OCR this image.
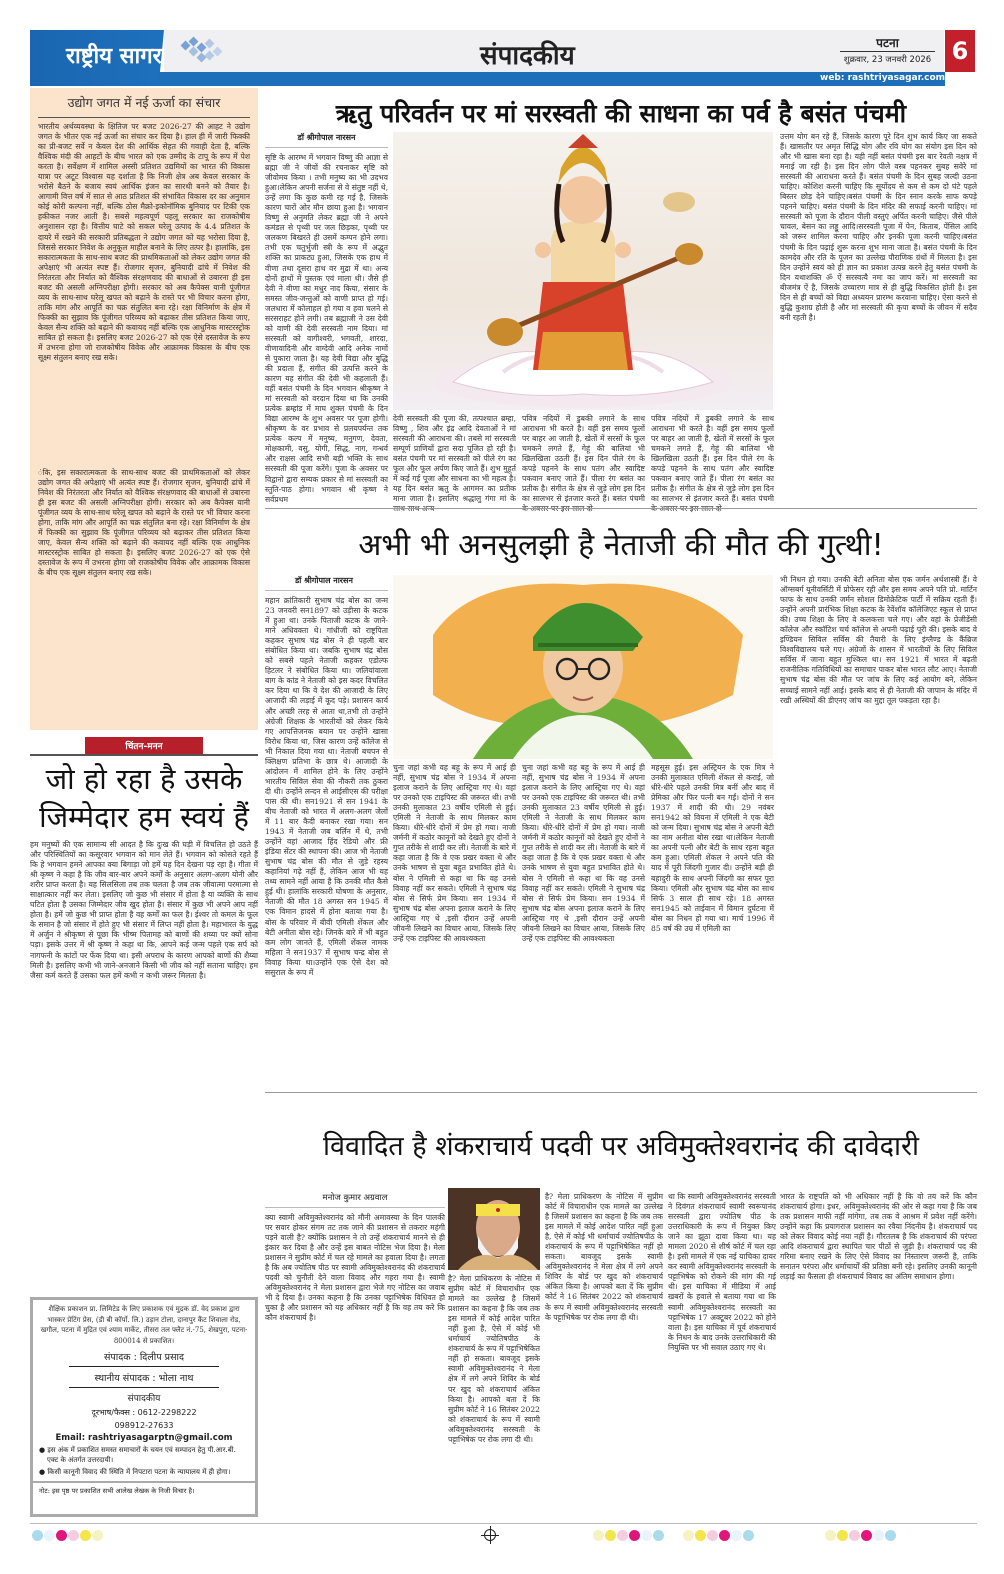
राष्ट्रीय सागर	संपादकीय	पटना
शुक्रवार, 23 जनवरी 2026
web: rashtriyasagar.com
6
उद्योग जगत में नई ऊर्जा का संचार
भारतीय अर्थव्यवस्था के क्षितिज पर बजट 2026-27 की आहट ने उद्योग जगत के भीतर एक नई ऊर्जा का संचार कर दिया है। हाल ही में जारी फिक्की का प्री-बजट सर्वे न केवल देश की आर्थिक सेहत की गवाही देता है, बल्कि वैश्विक मंदी की आहटों के बीच भारत को एक उम्मीद के टापू के रूप में पेश करता है। सर्वेक्षण में शामिल अस्सी प्रतिशत उद्यमियों का भारत की विकास यात्रा पर अटूट विश्वास यह दर्शाता है कि निजी क्षेत्र अब केवल सरकार के भरोसे बैठने के बजाय स्वयं आर्थिक इंजन का सारथी बनने को तैयार है। आगामी वित्त वर्ष में सात से आठ प्रतिशत की संभावित विकास दर का अनुमान कोई कोरी कल्पना नहीं, बल्कि ठोस मैक्रो-इकोनॉमिक बुनियाद पर टिकी एक हकीकत नजर आती है। सबसे महत्वपूर्ण पहलू सरकार का राजकोषीय अनुशासन रहा है। वित्तीय घाटे को सकल घरेलू उत्पाद के 4.4 प्रतिशत के दायरे में रखने की सरकारी प्रतिबद्धता ने उद्योग जगत को यह भरोसा दिया है, जिससे सरकार निवेश के अनुकूल माहौल बनाने के लिए तत्पर है। हालांकि, इस सकारात्मकता के साथ-साथ बजट की प्राथमिकताओं को लेकर उद्योग जगत की अपेक्षाएं भी अत्यंत स्पष्ट हैं। रोजगार सृजन, बुनियादी ढांचे में निवेश की निरंतरता और निर्यात को वैश्विक संरक्षणवाद की बाधाओं से उबारना ही इस बजट की असली अग्निपरीक्षा होगी। सरकार को अब कैपेक्स यानी पूंजीगत व्यय के साथ-साथ घरेलू खपत को बढ़ाने के रास्ते पर भी विचार करना होगा, ताकि मांग और आपूर्ति का चक्र संतुलित बना रहे। रक्षा विनिर्माण के क्षेत्र में फिक्की का सुझाव कि पूंजीगत परिव्यय को बढ़ाकर तीस प्रतिशत किया जाए, केवल सैन्य शक्ति को बढ़ाने की कवायद नहीं बल्कि एक आधुनिक मास्टरस्ट्रोक साबित हो सकता है। इसलिए बजट 2026-27 को एक ऐसे दस्तावेज के रूप में उभरना होगा जो राजकोषीय विवेक और आक्रामक विकास के बीच एक सूक्ष्म संतुलन बनाए रख सके।
ंकि, इस सकारात्मकता के साथ-साथ बजट की प्राथमिकताओं को लेकर उद्योग जगत की अपेक्षाएं भी अत्यंत स्पष्ट हैं। रोजगार सृजन, बुनियादी ढांचे में निवेश की निरंतरता और निर्यात को वैश्विक संरक्षणवाद की बाधाओं से उबारना ही इस बजट की असली अग्निपरीक्षा होगी। सरकार को अब कैपेक्स यानी पूंजीगत व्यय के साथ-साथ घरेलू खपत को बढ़ाने के रास्ते पर भी विचार करना होगा, ताकि मांग और आपूर्ति का चक्र संतुलित बना रहे। रक्षा विनिर्माण के क्षेत्र में फिक्की का सुझाव कि पूंजीगत परिव्यय को बढ़ाकर तीस प्रतिशत किया जाए, केवल सैन्य शक्ति को बढ़ाने की कवायद नहीं बल्कि एक आधुनिक मास्टरस्ट्रोक साबित हो सकता है। इसलिए बजट 2026-27 को एक ऐसे दस्तावेज के रूप में उभरना होगा जो राजकोषीय विवेक और आक्रामक विकास के बीच एक सूक्ष्म संतुलन बनाए रख सके।
चिंतन-मनन
जो हो रहा है उसके
जिम्मेदार हम स्वयं हैं
हम मनुष्यों की एक सामान्य सी आदत है कि दुःख की घड़ी में विचलित हो उठते हैं और परिस्थितियों का कसूरवार भगवान को मान लेते हैं। भगवान को कोसते रहते हैं कि हे भगवान हमने आपका क्या बिगाड़ा जो हमें यह दिन देखना पड़ रहा है। गीता में श्री कृष्ण ने कहा है कि जीव बार-बार अपने कर्मों के अनुसार अलग-अलग योनी और शरीर प्राप्त करता है। यह सिलसिला तब तक चलता है जब तक जीवात्मा परमात्मा से साक्षात्कार नहीं कर लेता। इसलिए जो कुछ भी संसार में होता है या व्यक्ति के साथ घटित होता है उसका जिम्मेदार जीव खुद होता है। संसार में कुछ भी अपने आप नहीं होता है। हमें जो कुछ भी प्राप्त होता है वह कर्मों का फल है। ईश्वर तो कमल के फूल के समान है जो संसार में होते हुए भी संसार में लिप्त नहीं होता है। महाभारत के युद्ध में अर्जुन ने श्रीकृष्ण से पूछा कि भीष्म पितामह को बाणों की शय्या पर क्यों सोना पड़ा। इसके उत्तर में श्री कृष्ण ने कहा था कि, आपने कई जन्म पहले एक सर्प को नागफनी के कांटों पर फेंक दिया था। इसी अपराध के कारण आपको बाणों की शैय्या मिली है। इसलिए कभी भी जाने-अनजाने किसी भी जीव को नहीं सताना चाहिए। हम जैसा कर्म करते हैं उसका फल हमें कभी न कभी जरूर मिलता है।
शैक्षिक प्रकाशन प्रा. लिमिटेड के लिए प्रकाशक एवं मुद्रक डॉ. वेद प्रकाश द्वारा भास्कर प्रेटिंग प्रेस, (डी बी कॉर्पो. लि.) उड़ान टोला, दानापुर कैंट शिवाला रोड, खगौल, पटना में मुद्रित एवं श्याम मार्केट, तीसरा तल फ्लैट नं.-75, शेखपुरा, पटना- 800014 से प्रकाशित।
संपादक : दिलीप प्रसाद
स्थानीय संपादक : भोला नाथ
संपादकीय
दूरभाष/फैक्स : 0612-2298222
098912-27633
Email: rashtriyasagarptn@gmail.com
● इस अंक में प्रकाशित समस्त समाचारों के चयन एवं सम्पादन हेतु पी.आर.बी. एक्ट के अंतर्गत उत्तरदायी।
● किसी कानूनी विवाद की स्थिति में निपटारा पटना के न्यायालय में ही होगा।
नोट: इस पृष्ठ पर प्रकाशित सभी आलेख लेखक के निजी विचार है।
ऋतु परिवर्तन पर मां सरस्वती की साधना का पर्व है बसंत पंचमी
डॉ श्रीगोपाल नारसन
सृष्टि के आरम्भ में भगवान विष्णु की आज्ञा से ब्रह्मा जी ने जीवों की रचनाकर सृष्टि को जीवोमय किया । तभी मनुष्य का भी उदभव हुआ।लेकिन अपनी सर्जना से वे संतुष्ट नहीं थे, उन्हें लगा कि कुछ कमी रह गई है, जिसके कारण चारों ओर मौन छाया हुआ है। भगवान विष्णु से अनुमति लेकर ब्रह्मा जी ने अपने कमंडल से पृथ्वी पर जल छिड़का, पृथ्वी पर जलकण बिखरते ही उसमें कम्पन होने लगा। तभी एक चतुर्भुजी स्त्री के रूप में अद्भुत शक्ति का प्राकट्य हुआ, जिसके एक हाथ में वीणा तथा दूसरा हाथ वर मुद्रा में था। अन्य दोनों हाथों में पुस्तक एवं माला थी। जैसे ही देवी ने वीणा का मधुर नाद किया, संसार के समस्त जीव-जन्तुओं को वाणी प्राप्त हो गई। जलधारा में कोलाहल हो गया व हवा चलने से सरसराहट होने लगी। तब ब्रह्माजी ने उस देवी को वाणी की देवी सरस्वती नाम दिया। मां सरस्वती को वागीश्वरी, भगवती, शारदा, वीणावादिनी और वाग्देवी आदि अनेक नामों से पुकारा जाता है। यह देवी विद्या और बुद्धि की प्रदाता हैं, संगीत की उत्पत्ति करने के कारण यह संगीत की देवी भी कहलाती हैं।वहीं बसंत पंचमी के दिन भगवान श्रीकृष्ण ने मां सरस्वती को वरदान दिया था कि उनकी प्रत्येक ब्रम्हांड में माघ शुक्ल पंचमी के दिन विद्या आरम्भ के शुभ अवसर पर पूजा होगी। श्रीकृष्ण के वर प्रभाव से प्रलयपर्यन्त तक प्रत्येक कल्प में मनुष्य, मनुगण, देवता, मोक्षकामी, वसु, योगी, सिद्ध, नाग, गन्धर्व और राक्षस आदि सभी बड़ी भक्ति के साथ सरस्वती की पूजा करेंगे। पूजा के अवसर पर विद्वानो द्वारा सम्यक प्रकार से मां सरस्वती का स्तुति-पाठ होगा। भगवान श्री कृष्ण ने सर्वप्रथम
देवी सरस्वती की पूजा की, तत्पश्चात ब्रम्हा, विष्णु , शिव और इंद्र आदि देवताओं ने मां सरस्वती की आराधना की। तबसे मां सरस्वती सम्पूर्ण प्राणियों द्वारा सदा पूजित हो रही है। बसंत पंचमी पर मां सरस्वती को पीले रंग का फूल और फूल अर्पण किए जाते हैं। शुभ मुहूर्त में कई गई पूजा और साधना का भी महत्व है। यह दिन बसंत ऋतु के आगमन का प्रतीक माना जाता है। इसलिए श्रद्धालु गंगा मां के
पवित्र नदियों में डुबकी लगाने के साथ आराधना भी करते है। वहीं इस समय फूलों पर बाहर आ जाती है, खेतों में सरसों के फूल चमकने लगते हैं, गेहूं की बालियां भी खिलखिला उठती हैं। इस दिन पीले रंग के कपड़े पहनने के साथ पतंग और स्वादिष्ट पकवान बनाए जाते हैं। पीला रंग बसंत का प्रतीक है। संगीत के क्षेत्र से जुड़े लोग इस दिन का सालभर से इंतजार करते हैं। बसंत पंचमी
पवित्र नदियों में डुबकी लगाने के साथ आराधना भी करते है। वहीं इस समय फूलों पर बाहर आ जाती है, खेतों में सरसों के फूल चमकने लगते हैं, गेहूं की बालियां भी खिलखिला उठती हैं। इस दिन पीले रंग के कपड़े पहनने के साथ पतंग और स्वादिष्ट पकवान बनाए जाते हैं। पीला रंग बसंत का प्रतीक है। संगीत के क्षेत्र से जुड़े लोग इस दिन का सालभर से इंतजार करते हैं। बसंत पंचमी
उत्तम योग बन रहे हैं, जिसके कारण पूरे दिन शुभ कार्य किए जा सकते हैं। खासतौर पर अमृत सिद्धि योग और रवि योग का संयोग इस दिन को और भी खास बना रहा है। यही नहीं बसंत पंचमी इस बार रेवती नक्षत्र में मनाई जा रही है। इस दिन लोग पीले वस्त्र पहनकर सुबह सवेरे मां सरस्वती की आराधना करते हैं। बसंत पंचमी के दिन सुबह जल्दी उठना चाहिए। कोशिश करनी चाहिए कि सूर्योदय से कम से कम दो घंटे पहले बिस्तर छोड़ देने चाहिए।बसंत पंचमी के दिन स्नान करके साफ कपड़े पहनने चाहिए। बसंत पंचमी के दिन मंदिर की सफाई करनी चाहिए। मां सरस्वती को पूजा के दौरान पीली वस्तुएं अर्पित करनी चाहिए। जैसे पीले चावल, बेसन का लड्डू आदि।सरस्वती पूजा में पेन, किताब, पेंसिल आदि को जरूर शामिल करना चाहिए और इनकी पूजा करनी चाहिए।बसंत पंचमी के दिन पढ़ाई शुरू करना शुभ माना जाता है। बसंत पंचमी के दिन कामदेव और रति के पूजन का उल्लेख पौराणिक ग्रंथों में मिलता है। इस दिन उन्होंने स्वयं को ही ज्ञान का प्रकाश उत्पन्न करने हेतु बसंत पंचमी के दिन यथाशक्ति ॐ ऐं सरस्वत्यै नमः का जाप करें। मां सरस्वती का बीजमंत्र ऐं है, जिसके उच्चारण मात्र से ही बुद्धि विकसित होती है। इस दिन से ही बच्चों को विद्या अध्ययन प्रारम्भ करवाना चाहिए। ऐसा करने से बुद्धि कुशाग्र होती है और मां सरस्वती की कृपा बच्चों के जीवन में सदैव बनी रहती है।
अभी भी अनसुलझी है नेताजी की मौत की गुत्थी!
डॉ श्रीगोपाल नारसन
महान क्रांतिकारी सुभाष चंद्र बोस का जन्म 23 जनवरी सन1897 को उड़ीसा के कटक में हुआ था। उनके पिताजी कटक के जाने-माने अधिवक्ता थे। गांधीजी को राष्ट्रपिता कहकर सुभाष चंद्र बोस ने ही पहली बार संबोधित किया था। जबकि सुभाष चंद्र बोस को सबसे पहले नेताजी कहकर एडोल्फ हिटलर ने संबोधित किया था। जलियांवाला बाग के कांड ने नेताजी को इस कदर विचलित कर दिया था कि वे देश की आजादी के लिए आजादी की लड़ाई में कूद पड़े। प्रशासन कार्य और अच्छी तरह से आता था,तभी तो उन्होंने अंग्रेजी शिक्षक के भारतीयों को लेकर किये गए आपत्तिजनक बयान पर उन्होंने खासा विरोध किया था, जिस कारण उन्हें कॉलेज से भी निकाल दिया गया था। नेताजी बचपन से क्लिक्षण प्रतिभा के छात्र थे। आजादी के आंदोलन में शामिल होने के लिए उन्होंने भारतीय सिविल सेवा की नौकरी तक ठुकरा दी थी। उन्होंने लन्दन से आईसीएस की परीक्षा पास की थी। सन1921 से सन 1941 के बीच नेताजी को भारत में अलग-अलग जेलों में 11 बार कैदी बनाकर रखा गया। सन 1943 में नेताजी जब बर्लिन में थे, तभी उन्होंने वहां आजाद हिंद रेडियो और फ्री इंडिया सेंटर की स्थापना की। आज भी नेताजी सुभाष चंद्र बोस की मौत से जुड़े रहस्य कहानियां गढ़े नहीं हैं, लेकिन आज भी यह तथ्य सामने नहीं आया है कि उनकी मौत कैसे हुई थी। हालांकि सरकारी घोषणा के अनुसार, नेताजी की मौत 18 अगस्त सन 1945 में एक विमान हादसे में होना बताया गया है। बोस के परिवार में बीवी एमिली शेंकल और बेटी अनीता बोस रहे। जिनके बारे में भी बहुत कम लोग जानते हैं, एमिली शेंकल नामक महिला ने सन1937 में सुभाष चन्द्र बोस से विवाह किया था।उन्होंने एक ऐसे देश को ससुराल के रूप में
चुना जहां कभी वह बहू के रूप में आई ही नहीं, सुभाष चंद्र बोस ने 1934 में अपना इलाज कराने के लिए आस्ट्रिया गए थे। वहां पर उनको एक टाइपिस्ट की जरूरत थी। तभी उनकी मुलाकात 23 वर्षीय एमिली से हुई। एमिली ने नेताजी के साथ मिलकर काम किया। धीरे-धीरे दोनों में प्रेम हो गया। नाजी जर्मनी में कठोर कानूनों को देखते हुए दोनों ने गुप्त तरीके से शादी कर ली। नेताजी के बारे में कहा जाता है कि वे एक प्रखर वक्ता थे और उनके भाषण से युवा बहुत प्रभावित होते थे। बोस ने एमिली से कहा था कि वह उनसे विवाह नहीं कर सकते। एमिली ने सुभाष चंद्र बोस से सिर्फ प्रेम किया। सन 1934 में सुभाष चंद्र बोस अपना इलाज कराने के लिए आस्ट्रिया गए थे ,इसी दौरान उन्हें अपनी जीवनी लिखने का विचार आया, जिसके लिए उन्हें एक टाइपिस्ट की आवश्यकता
चुना जहां कभी वह बहू के रूप में आई ही नहीं, सुभाष चंद्र बोस ने 1934 में अपना इलाज कराने के लिए आस्ट्रिया गए थे। वहां पर उनको एक टाइपिस्ट की जरूरत थी। तभी उनकी मुलाकात 23 वर्षीय एमिली से हुई। एमिली ने नेताजी के साथ मिलकर काम किया। धीरे-धीरे दोनों में प्रेम हो गया। नाजी जर्मनी में कठोर कानूनों को देखते हुए दोनों ने गुप्त तरीके से शादी कर ली। नेताजी के बारे में कहा जाता है कि वे एक प्रखर वक्ता थे और उनके भाषण से युवा बहुत प्रभावित होते थे। बोस ने एमिली से कहा था कि वह उनसे विवाह नहीं कर सकते। एमिली ने सुभाष चंद्र बोस से सिर्फ प्रेम किया। सन 1934 में सुभाष चंद्र बोस अपना इलाज कराने के लिए आस्ट्रिया गए थे ,इसी दौरान उन्हें अपनी जीवनी लिखने का विचार आया, जिसके लिए उन्हें एक टाइपिस्ट की आवश्यकता
महसूस हुई। इस अस्ट्रियन के एक मित्र ने उनकी मुलाकात एमिली शेंकल से कराई, जो धीरे-धीरे पहले उनकी मित्र बनीं और बाद में प्रेमिका और फिर पत्नी बन गईं। दोनों ने सन 1937 में शादी की थी। 29 नवंबर सन1942 को वियना में एमिली ने एक बेटी को जन्म दिया। सुभाष चंद्र बोस ने अपनी बेटी का नाम अनीता बोस रखा था।लेकिन नेताजी का अपनी पत्नी और बेटी के साथ रहना बहुत कम हुआ। एमिली शेंकल ने अपने पति की याद में पूरी जिंदगी गुजार दी। उन्होंने बड़ी ही बहादुरी के साथ अपनी जिंदगी का सफर पूरा किया। एमिली और सुभाष चंद्र बोस का साथ सिर्फ 3 साल ही साथ रहे। 18 अगस्त सन1945 को ताईवान में विमान दुर्घटना में बोस का निधन हो गया था। मार्च 1996 में 85 वर्ष की उम्र में एमिली का
भी निधन हो गया। उनकी बेटी अनिता बोस एक जर्मन अर्थशास्त्री हैं। वे ऑग्सबर्ग यूनीवर्सिटी में प्रोफेसर रही और इस समय अपने पति प्रो. मार्टिन फाफ के साथ उनकी जर्मन सोशल डिमोक्रेटिक पार्टी में सक्रिय रहती हैं। उन्होंने अपनी प्रारंभिक शिक्षा कटक के रेवेंशॉव कॉलेजिएट स्कूल से प्राप्त की। उच्च शिक्षा के लिए वे कलकत्ता चले गए। और वहां के प्रेजीडेंसी कॉलेज और स्कॉटिश चर्च कॉलेज से अपनी पढ़ाई पूरी की। इसके बाद वे इण्डियन सिविल सर्विस की तैयारी के लिए इंग्लैण्ड के कैंब्रिज विश्वविद्यालय चले गए। अंग्रेजों के शासन में भारतीयों के लिए सिविल सर्विस में जाना बहुत मुश्किल था। सन 1921 में भारत में बढ़ती राजनीतिक गतिविधियों का समाचार पाकर बोस भारत लौट आए। नेताजी सुभाष चंद्र बोस की मौत पर जांच के लिए कई आयोग बने, लेकिन सच्चाई सामने नहीं आई। इसके बाद से ही नेताजी की जापान के मंदिर में रखी अस्थियों की डीएनए जांच का मुद्दा तूल पकड़ता रहा है।
विवादित है शंकराचार्य पदवी पर अविमुक्तेश्वरानंद की दावेदारी
मनोज कुमार अग्रवाल
क्या स्वामी अविमुक्तेश्वरानंद को मौनी अमावस्या के दिन पालकी पर सवार होकर संगम तट तक जाने की प्रशासन से तकरार महंगी पड़ने वाली है? क्योंकि प्रशासन ने तो उन्हें शंकराचार्य मानने से ही इंकार कर दिया है और उन्हें इस बाबत नोटिस भेज दिया है। मेला प्रशासन ने सुप्रीम कोर्ट में चल रहे मामले का हवाला दिया है। लगता है कि अब ज्योतिष पीठ पर स्वामी अविमुक्तेश्वरानंद की शंकराचार्य पदवी को चुनौती देने वाला विवाद और गहरा गया है। स्वामी अविमुक्तेश्वरानंद ने मेला प्रशासन द्वारा भेजे गए नोटिस का जवाब भी दे दिया है। उनका कहना है कि उनका पट्टाभिषेक विधिवत हो चुका है और प्रशासन को यह अधिकार नहीं है कि वह तय करे कि कौन शंकराचार्य है।
है? मेला प्राधिकरण के नोटिस में सुप्रीम कोर्ट में विचाराधीन एक मामले का उल्लेख है जिसमें प्रशासन का कहना है कि जब तक इस मामले में कोई आदेश पारित नहीं हुआ है, ऐसे में कोई भी धर्माचार्य ज्योतिषपीठ के शंकराचार्य के रूप में पट्टाभिषेकित नहीं हो सकता। बावजूद इसके स्वामी अविमुक्तेश्वरानंद ने मेला क्षेत्र में लगे अपने शिविर के बोर्ड पर खुद को शंकराचार्य अंकित किया है। आपको बता दें कि सुप्रीम कोर्ट ने 16 सितंबर 2022 को शंकराचार्य के रूप में स्वामी अविमुक्तेश्वरानंद सरस्वती के पट्टाभिषेक पर रोक लगा दी थी।
है? मेला प्राधिकरण के नोटिस में सुप्रीम कोर्ट में विचाराधीन एक मामले का उल्लेख है जिसमें प्रशासन का कहना है कि जब तक इस मामले में कोई आदेश पारित नहीं हुआ है, ऐसे में कोई भी धर्माचार्य ज्योतिषपीठ के शंकराचार्य के रूप में पट्टाभिषेकित नहीं हो सकता। बावजूद इसके स्वामी अविमुक्तेश्वरानंद ने मेला क्षेत्र में लगे अपने शिविर के बोर्ड पर खुद को शंकराचार्य अंकित किया है। आपको बता दें कि सुप्रीम कोर्ट ने 16 सितंबर 2022 को शंकराचार्य के रूप में स्वामी अविमुक्तेश्वरानंद सरस्वती के पट्टाभिषेक पर रोक लगा दी थी।
था कि स्वामी अविमुक्तेश्वरानंद सरस्वती ने दिवंगत शंकराचार्य स्वामी स्वरूपानंद सरस्वती द्वारा ज्योतिष पीठ के उत्तराधिकारी के रूप में नियुक्त किए जाने का झूठा दावा किया था। यह मामला 2020 से शीर्ष कोर्ट में चल रहा है। इसी मामले में एक नई याचिका दायर कर स्वामी अविमुक्तेश्वरानंद सरस्वती के पट्टाभिषेक को रोकने की मांग की गई थी। इस याचिका में मीडिया में आई खबरों के हवाले से बताया गया था कि स्वामी अविमुक्तेश्वरानंद सरस्वती का पट्टाभिषेक 17 अक्टूबर 2022 को होने वाला है। इस याचिका में पूर्व शंकराचार्य के निधन के बाद उनके उत्तराधिकारी की नियुक्ति पर भी सवाल उठाए गए थे।
भारत के राष्ट्रपति को भी अधिकार नहीं है कि वो तय करें कि कौन शंकराचार्य होगा। इधर, अविमुक्तेश्वरानंद की ओर से कहा गया है कि जब तक प्रशासन माफी नहीं मांगेगा, तब तक वे आश्रम में प्रवेश नहीं करेंगे। उन्होंने कहा कि प्रयागराज प्रशासन का रवैया निंदनीय है। शंकराचार्य पद को लेकर विवाद कोई नया नहीं है। गौरतलब है कि शंकराचार्य की परंपरा आदि शंकराचार्य द्वारा स्थापित चार पीठों से जुड़ी है। शंकराचार्य पद की गरिमा बनाए रखने के लिए ऐसे विवाद का निस्तारण जरूरी है, ताकि सनातन परंपरा और धर्माचार्यों की प्रतिष्ठा बनी रहे। इसलिए उनकी कानूनी लड़ाई का फैसला ही शंकराचार्य विवाद का अंतिम समाधान होगा।
